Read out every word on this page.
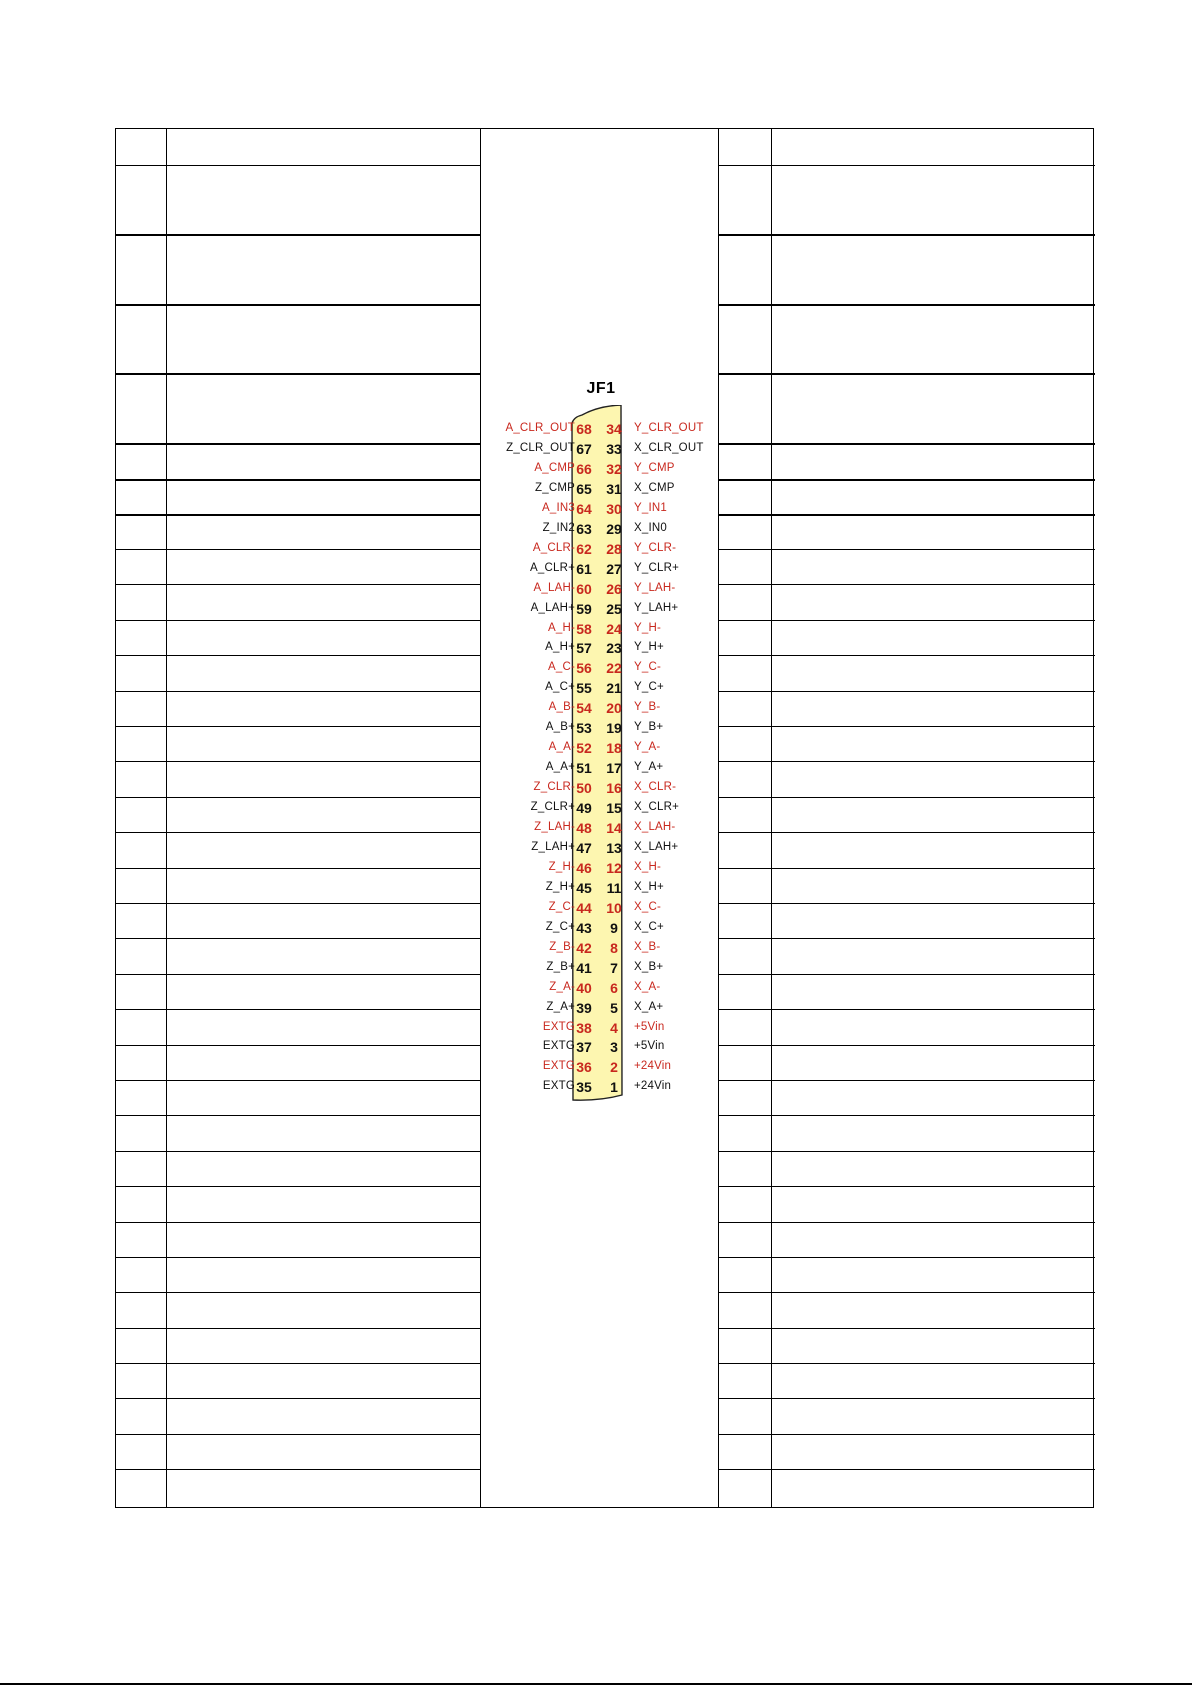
JF1
A_CLR_OUT 68 34 Y_CLR_OUT
Z_CLR_OUT 67 33 X_CLR_OUT
A_CMP 66 32 Y_CMP
Z_CMP 65 31 X_CMP
A_IN3 64 30 Y_IN1
Z_IN2 63 29 X_IN0
A_CLR- 62 28 Y_CLR-
A_CLR+ 61 27 Y_CLR+
A_LAH- 60 26 Y_LAH-
A_LAH+ 59 25 Y_LAH+
A_H- 58 24 Y_H-
A_H+ 57 23 Y_H+
A_C- 56 22 Y_C-
A_C+ 55 21 Y_C+
A_B- 54 20 Y_B-
A_B+ 53 19 Y_B+
A_A- 52 18 Y_A-
A_A+ 51 17 Y_A+
Z_CLR- 50 16 X_CLR-
Z_CLR+ 49 15 X_CLR+
Z_LAH- 48 14 X_LAH-
Z_LAH+ 47 13 X_LAH+
Z_H- 46 12 X_H-
Z_H+ 45 11	X_H+
Z_C- 44 10 X_C-
Z_C+ 43	9	X_C+
Z_B- 42	8	X_B-
Z_B+ 41	7	X_B+
Z_A- 40	6	X_A-
Z_A+ 39	5	X_A+
EXTG 38	4	+5Vin
EXTG 37	3	+5Vin
EXTG 36	2	+24Vin
EXTG 35	1	+24Vin
